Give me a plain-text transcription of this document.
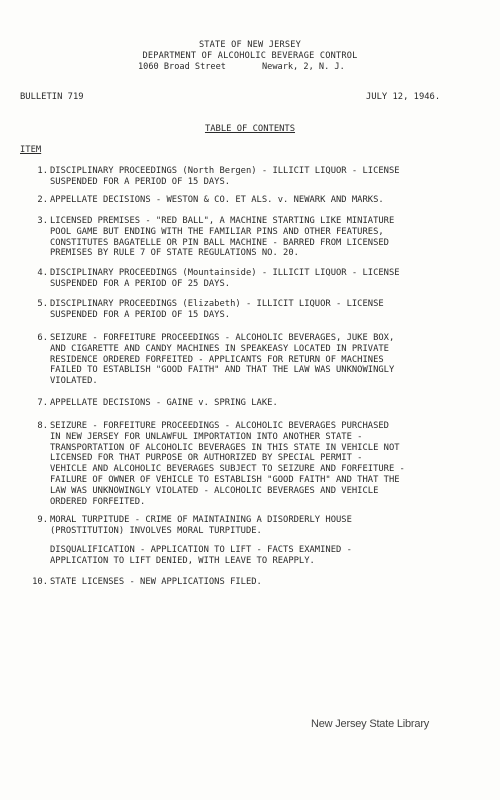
STATE OF NEW JERSEY
DEPARTMENT OF ALCOHOLIC BEVERAGE CONTROL
1060 Broad Street	Newark, 2, N. J.
BULLETIN 719	JULY 12, 1946.
TABLE OF CONTENTS
ITEM
1. DISCIPLINARY PROCEEDINGS (North Bergen) - ILLICIT LIQUOR - LICENSE
SUSPENDED FOR A PERIOD OF 15 DAYS.
2. APPELLATE DECISIONS - WESTON & CO. ET ALS. v. NEWARK AND MARKS.
3. LICENSED PREMISES - "RED BALL", A MACHINE STARTING LIKE MINIATURE
POOL GAME BUT ENDING WITH THE FAMILIAR PINS AND OTHER FEATURES,
CONSTITUTES BAGATELLE OR PIN BALL MACHINE - BARRED FROM LICENSED
PREMISES BY RULE 7 OF STATE REGULATIONS NO. 20.
4. DISCIPLINARY PROCEEDINGS (Mountainside) - ILLICIT LIQUOR - LICENSE
SUSPENDED FOR A PERIOD OF 25 DAYS.
5. DISCIPLINARY PROCEEDINGS (Elizabeth) - ILLICIT LIQUOR - LICENSE
SUSPENDED FOR A PERIOD OF 15 DAYS.
6. SEIZURE - FORFEITURE PROCEEDINGS - ALCOHOLIC BEVERAGES, JUKE BOX,
AND CIGARETTE AND CANDY MACHINES IN SPEAKEASY LOCATED IN PRIVATE
RESIDENCE ORDERED FORFEITED - APPLICANTS FOR RETURN OF MACHINES
FAILED TO ESTABLISH "GOOD FAITH" AND THAT THE LAW WAS UNKNOWINGLY
VIOLATED.
7. APPELLATE DECISIONS - GAINE v. SPRING LAKE.
8. SEIZURE - FORFEITURE PROCEEDINGS - ALCOHOLIC BEVERAGES PURCHASED
IN NEW JERSEY FOR UNLAWFUL IMPORTATION INTO ANOTHER STATE -
TRANSPORTATION OF ALCOHOLIC BEVERAGES IN THIS STATE IN VEHICLE NOT
LICENSED FOR THAT PURPOSE OR AUTHORIZED BY SPECIAL PERMIT -
VEHICLE AND ALCOHOLIC BEVERAGES SUBJECT TO SEIZURE AND FORFEITURE -
FAILURE OF OWNER OF VEHICLE TO ESTABLISH "GOOD FAITH" AND THAT THE
LAW WAS UNKNOWINGLY VIOLATED - ALCOHOLIC BEVERAGES AND VEHICLE
ORDERED FORFEITED.
9. MORAL TURPITUDE - CRIME OF MAINTAINING A DISORDERLY HOUSE
(PROSTITUTION) INVOLVES MORAL TURPITUDE.
DISQUALIFICATION - APPLICATION TO LIFT - FACTS EXAMINED -
APPLICATION TO LIFT DENIED, WITH LEAVE TO REAPPLY.
10. STATE LICENSES - NEW APPLICATIONS FILED.
New Jersey State Library
